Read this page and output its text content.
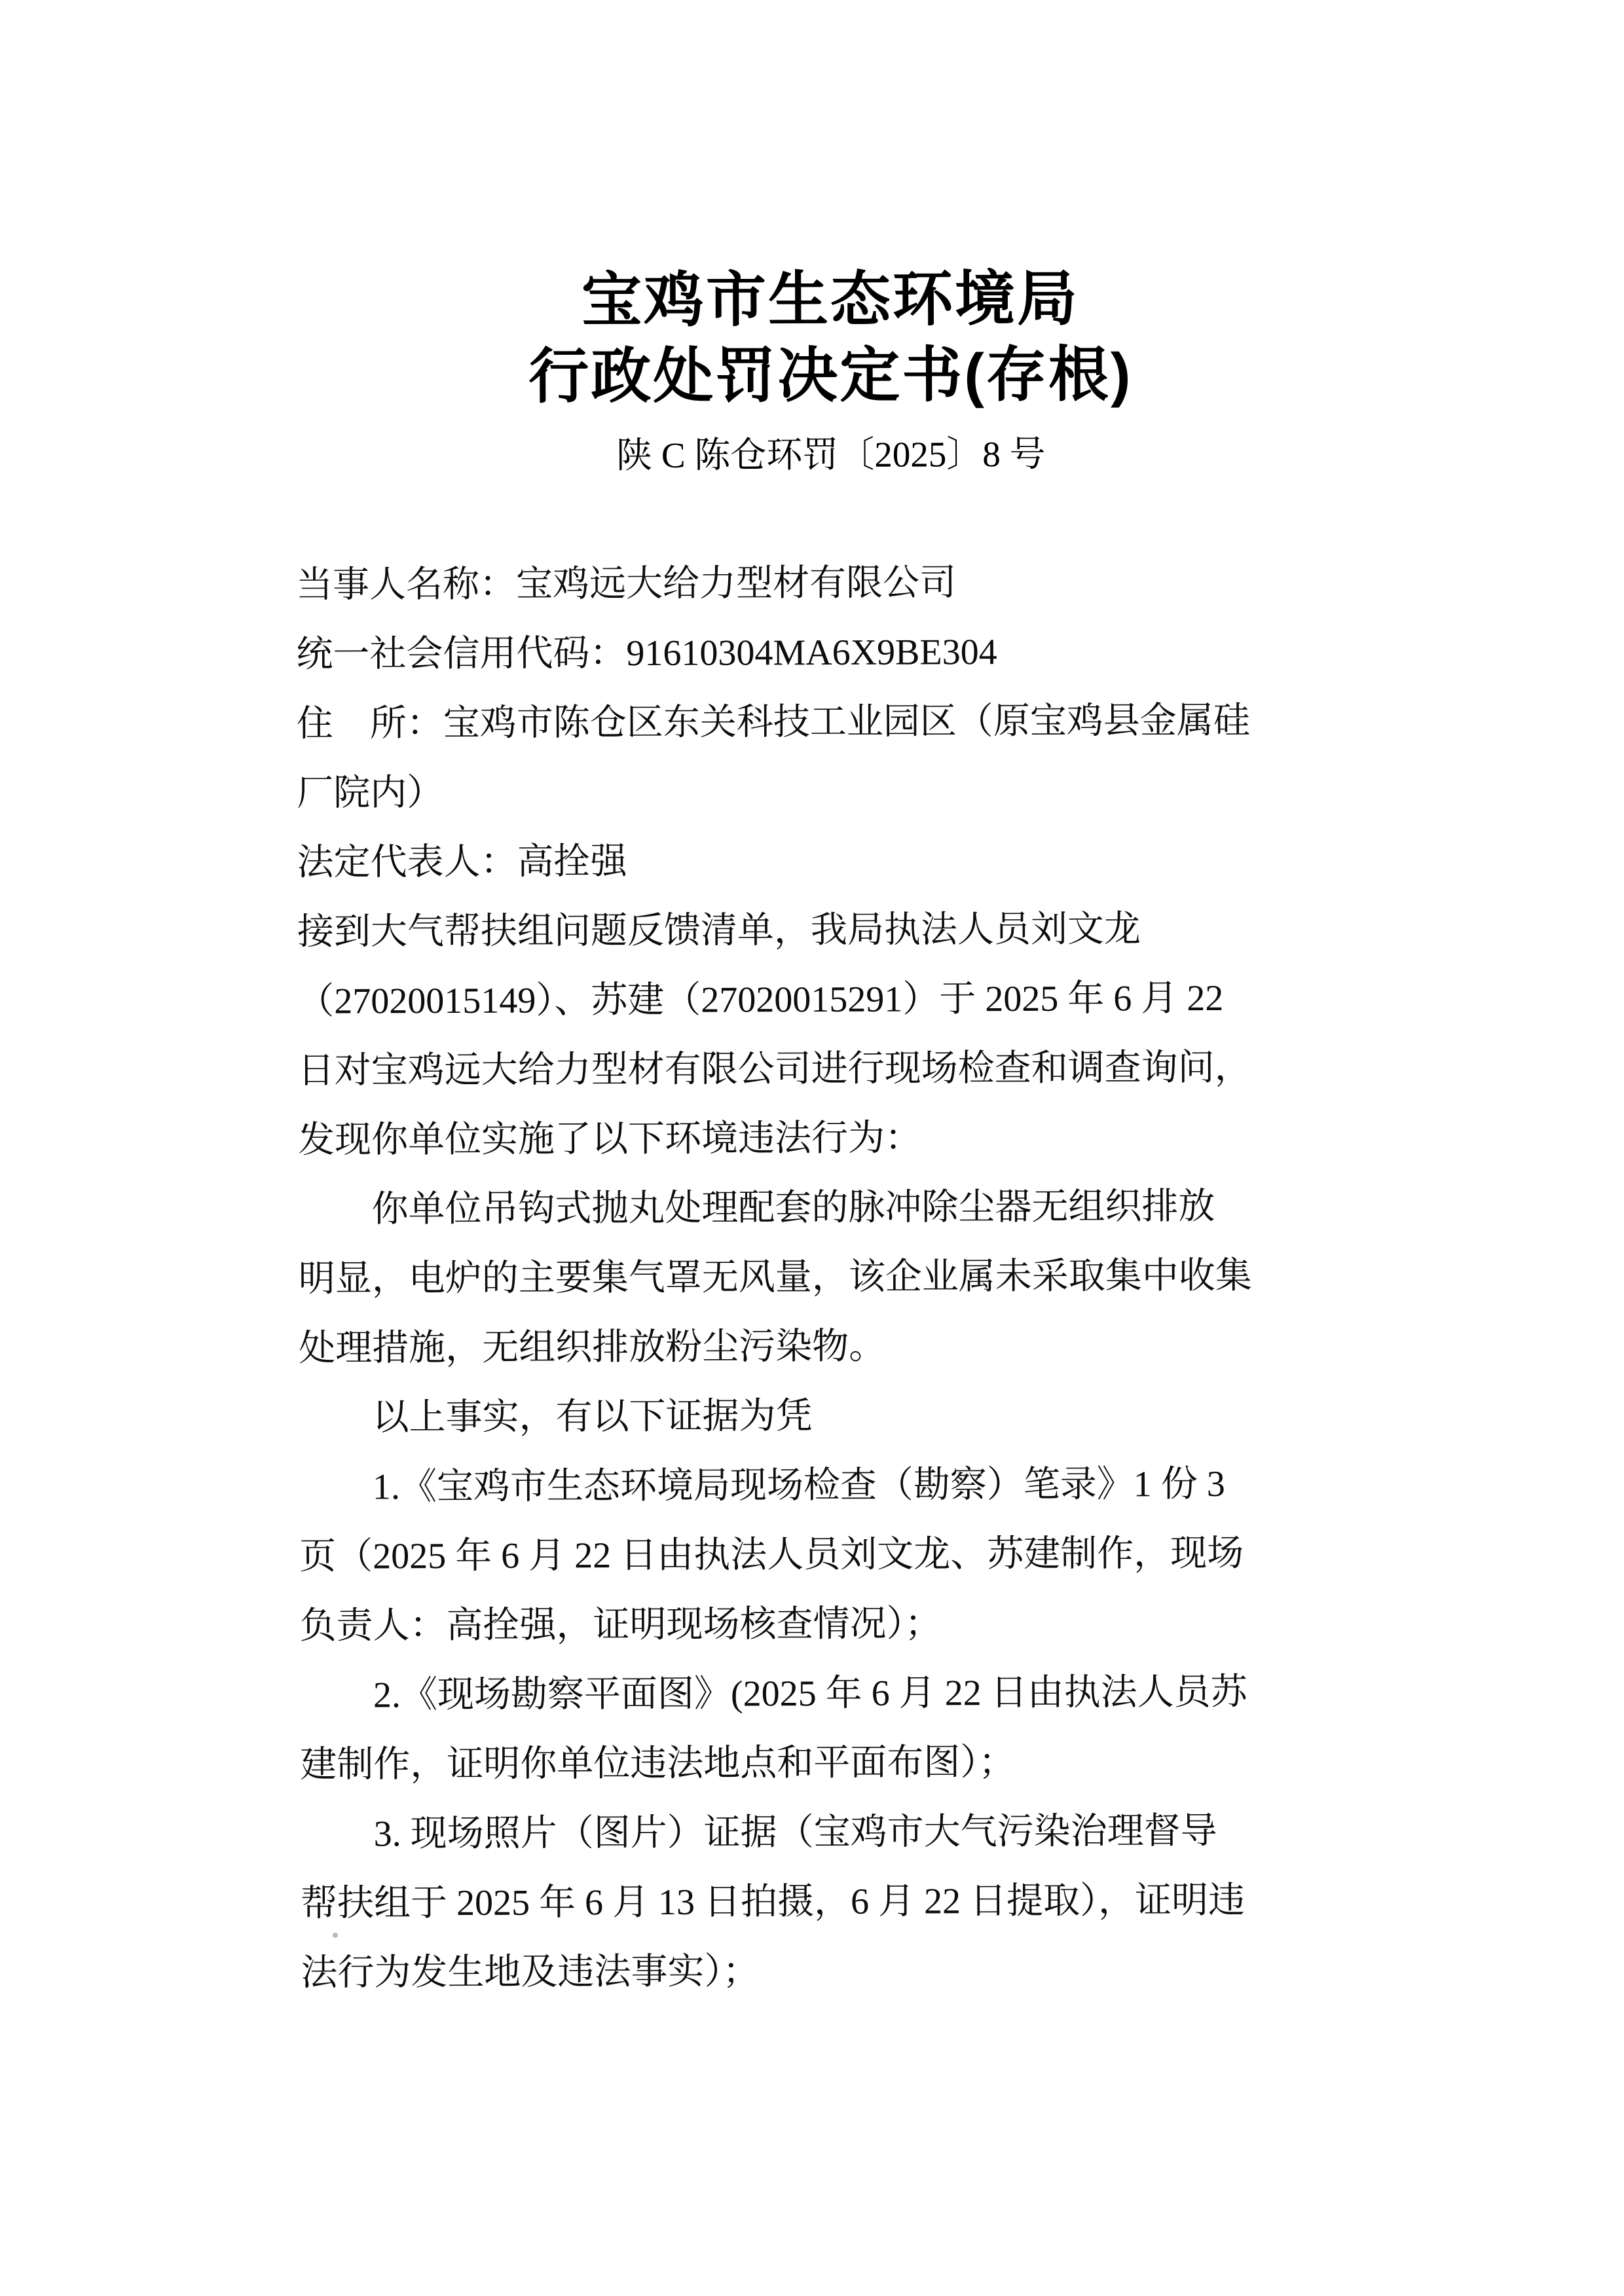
宝鸡市生态环境局
行政处罚决定书(存根)
陕 C 陈仓环罚〔2025〕8 号
当事人名称：宝鸡远大给力型材有限公司
统一社会信用代码：91610304MA6X9BE304
住　所：宝鸡市陈仓区东关科技工业园区（原宝鸡县金属硅
厂院内）
法定代表人：高拴强
接到大气帮扶组问题反馈清单，我局执法人员刘文龙
（27020015149）、苏建（27020015291）于 2025 年 6 月 22
日对宝鸡远大给力型材有限公司进行现场检查和调查询问，
发现你单位实施了以下环境违法行为：
　　你单位吊钩式抛丸处理配套的脉冲除尘器无组织排放
明显，电炉的主要集气罩无风量，该企业属未采取集中收集
处理措施，无组织排放粉尘污染物。
　　以上事实，有以下证据为凭
　　1.《宝鸡市生态环境局现场检查（勘察）笔录》1 份 3
页（2025 年 6 月 22 日由执法人员刘文龙、苏建制作，现场
负责人：高拴强，证明现场核查情况）；
　　2.《现场勘察平面图》(2025 年 6 月 22 日由执法人员苏
建制作，证明你单位违法地点和平面布图）；
　　3. 现场照片（图片）证据（宝鸡市大气污染治理督导
帮扶组于 2025 年 6 月 13 日拍摄，6 月 22 日提取），证明违
法行为发生地及违法事实）；
